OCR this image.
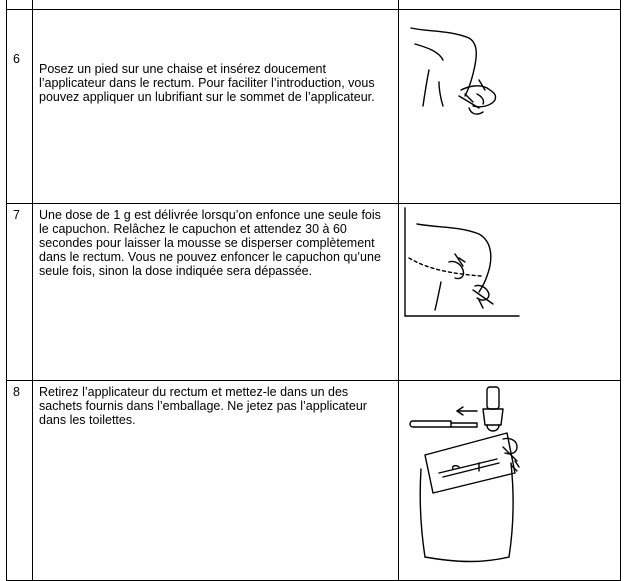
6	Posez un pied sur une chaise et insérez doucement l’applicateur dans le rectum. Pour faciliter l’introduction, vous pouvez appliquer un lubrifiant sur le sommet de l’applicateur.

7	Une dose de 1 g est délivrée lorsqu’on enfonce une seule fois le capuchon. Relâchez le capuchon et attendez 30 à 60 secondes pour laisser la mousse se disperser complètement dans le rectum. Vous ne pouvez enfoncer le capuchon qu’une seule fois, sinon la dose indiquée sera dépassée.

8	Retirez l’applicateur du rectum et mettez-le dans un des sachets fournis dans l’emballage. Ne jetez pas l’applicateur dans les toilettes.
